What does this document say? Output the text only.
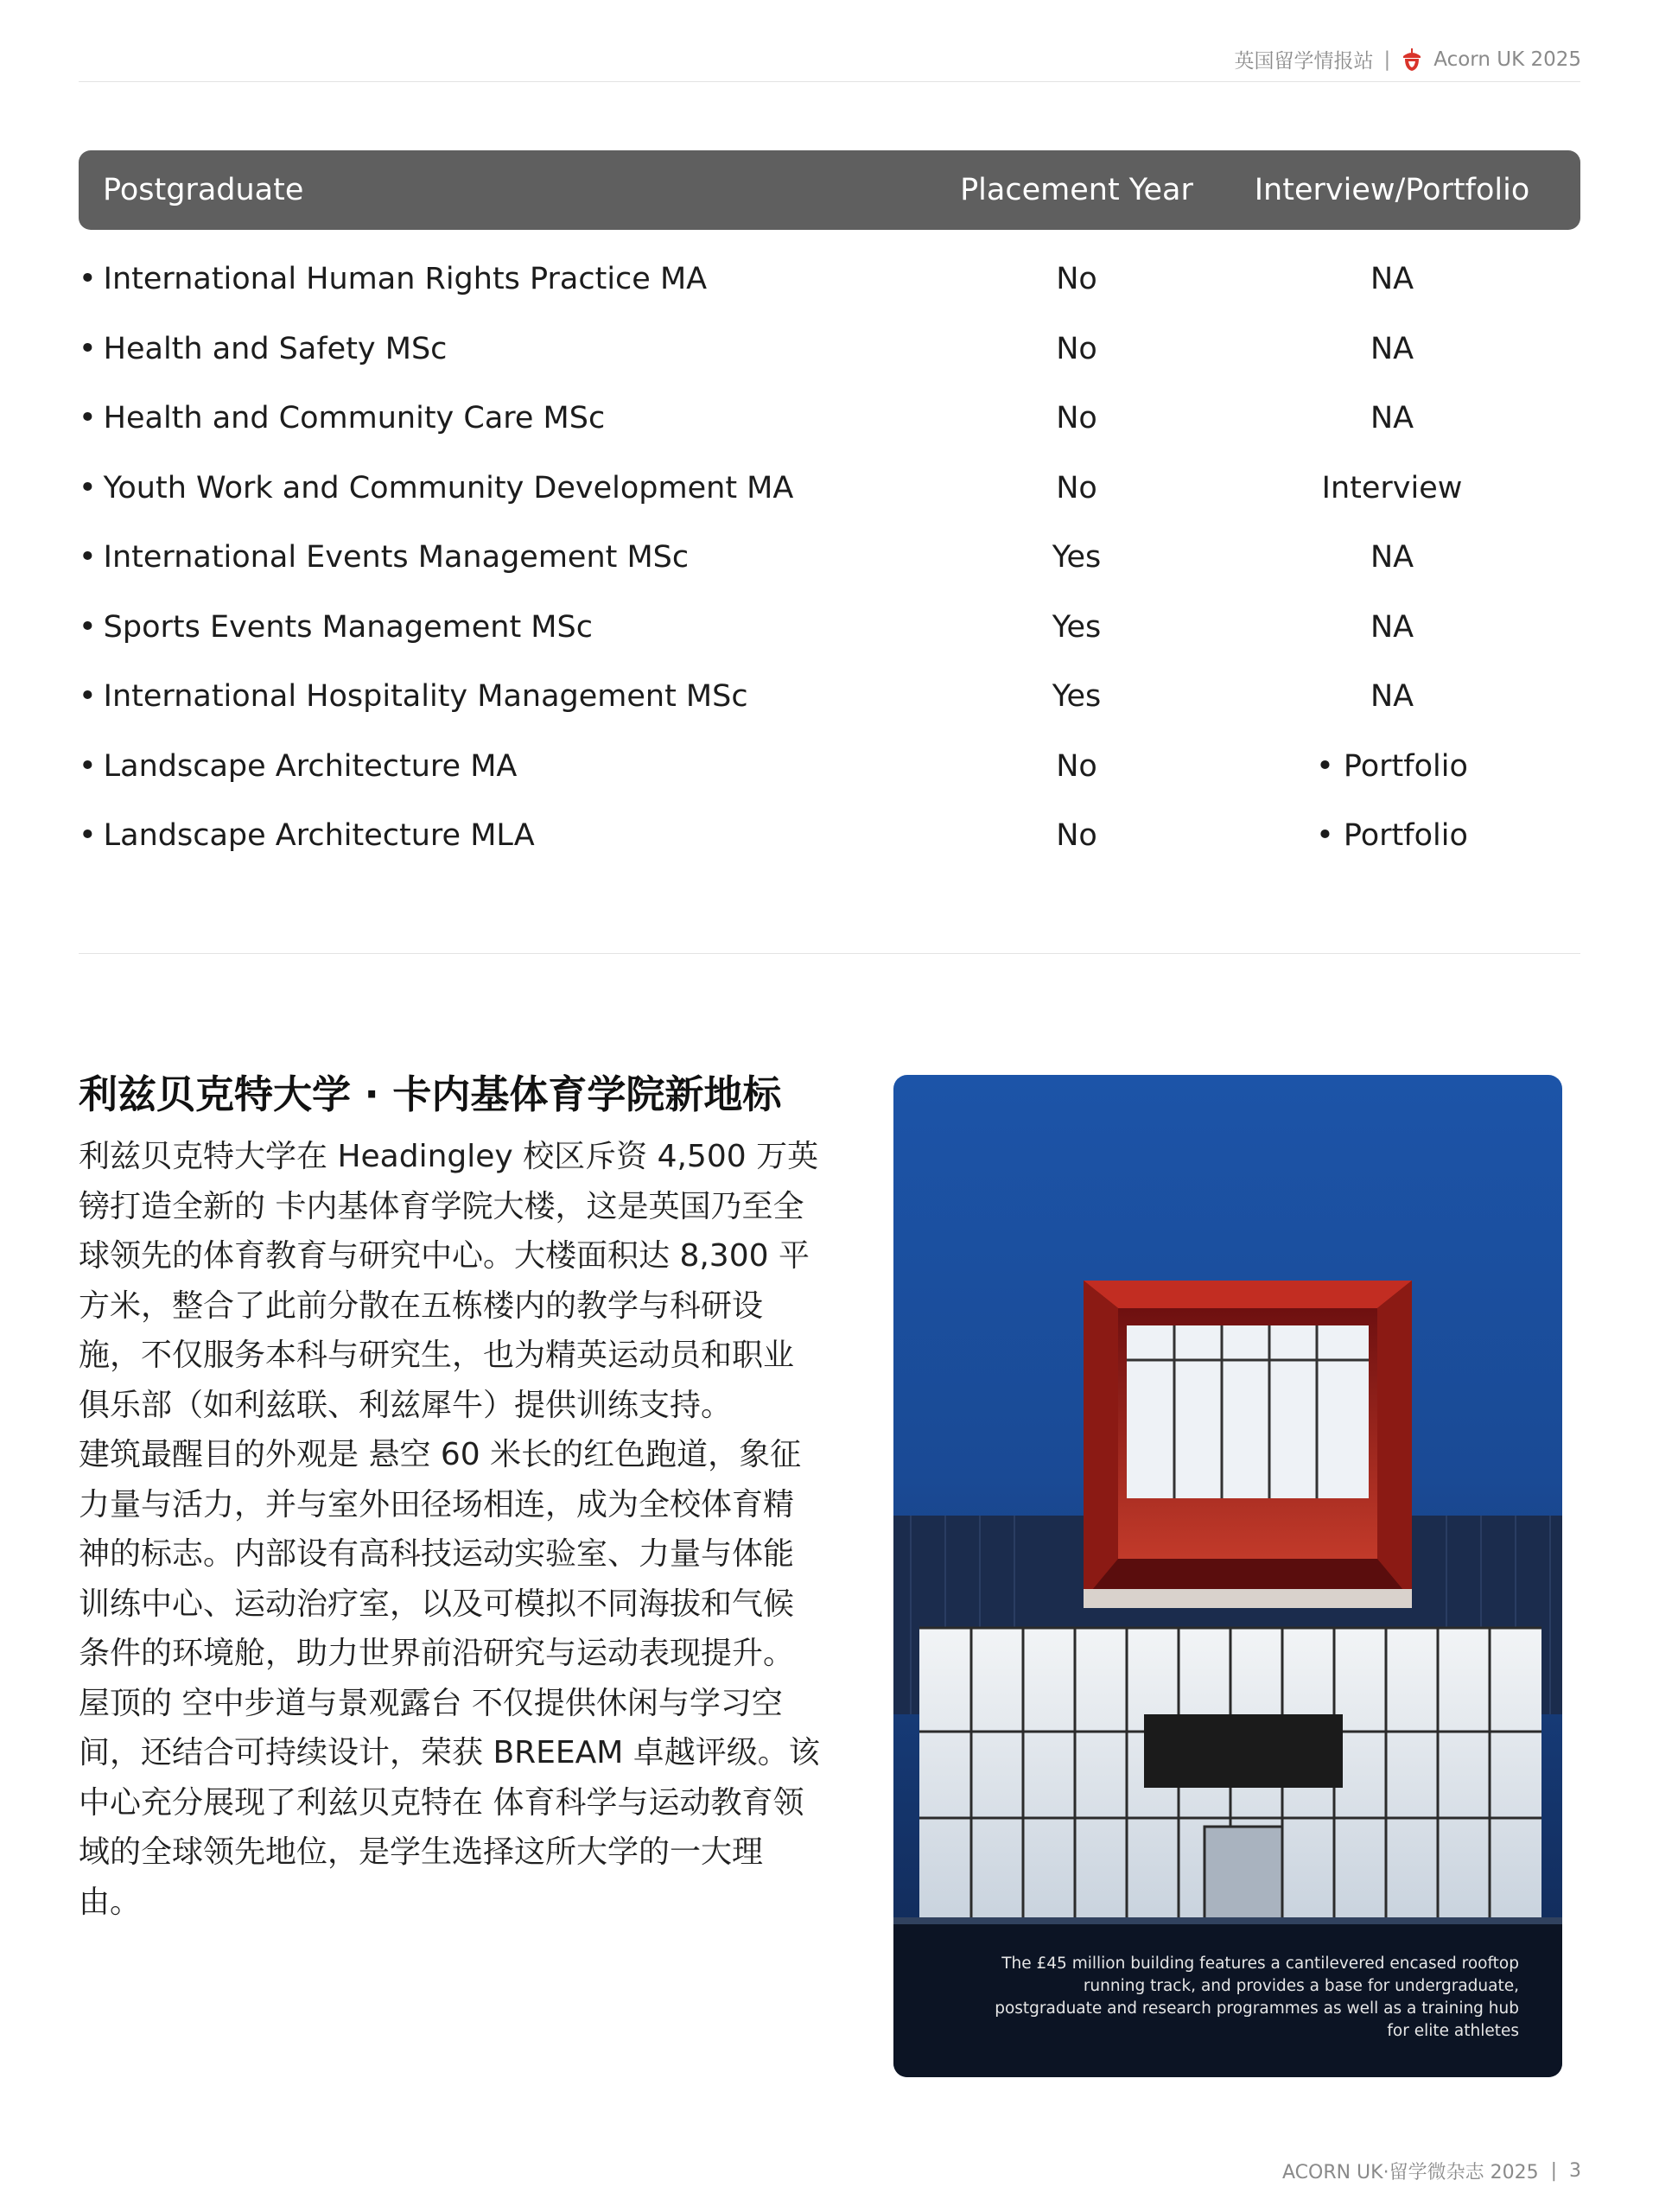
英国留学情报站 | Acorn UK 2025
Postgraduate	Placement Year	Interview/Portfolio
• International Human Rights Practice MA	No	NA
• Health and Safety MSc	No	NA
• Health and Community Care MSc	No	NA
• Youth Work and Community Development MA	No	Interview
• International Events Management MSc	Yes	NA
• Sports Events Management MSc	Yes	NA
• International Hospitality Management MSc	Yes	NA
• Landscape Architecture MA	No	• Portfolio
• Landscape Architecture MLA	No	• Portfolio
利兹贝克特大学 · 卡内基体育学院新地标

利兹贝克特大学在 Headingley 校区斥资 4,500 万英镑打造全新的 卡内基体育学院大楼，这是英国乃至全球领先的体育教育与研究中心。大楼面积达 8,300 平方米，整合了此前分散在五栋楼内的教学与科研设施，不仅服务本科与研究生，也为精英运动员和职业俱乐部（如利兹联、利兹犀牛）提供训练支持。

建筑最醒目的外观是 悬空 60 米长的红色跑道，象征力量与活力，并与室外田径场相连，成为全校体育精神的标志。内部设有高科技运动实验室、力量与体能训练中心、运动治疗室，以及可模拟不同海拔和气候条件的环境舱，助力世界前沿研究与运动表现提升。

屋顶的 空中步道与景观露台 不仅提供休闲与学习空间，还结合可持续设计，荣获 BREEAM 卓越评级。该中心充分展现了利兹贝克特在 体育科学与运动教育领域的全球领先地位，是学生选择这所大学的一大理由。

The £45 million building features a cantilevered encased rooftop running track, and provides a base for undergraduate, postgraduate and research programmes as well as a training hub for elite athletes
ACORN UK·留学微杂志 2025 | 3
